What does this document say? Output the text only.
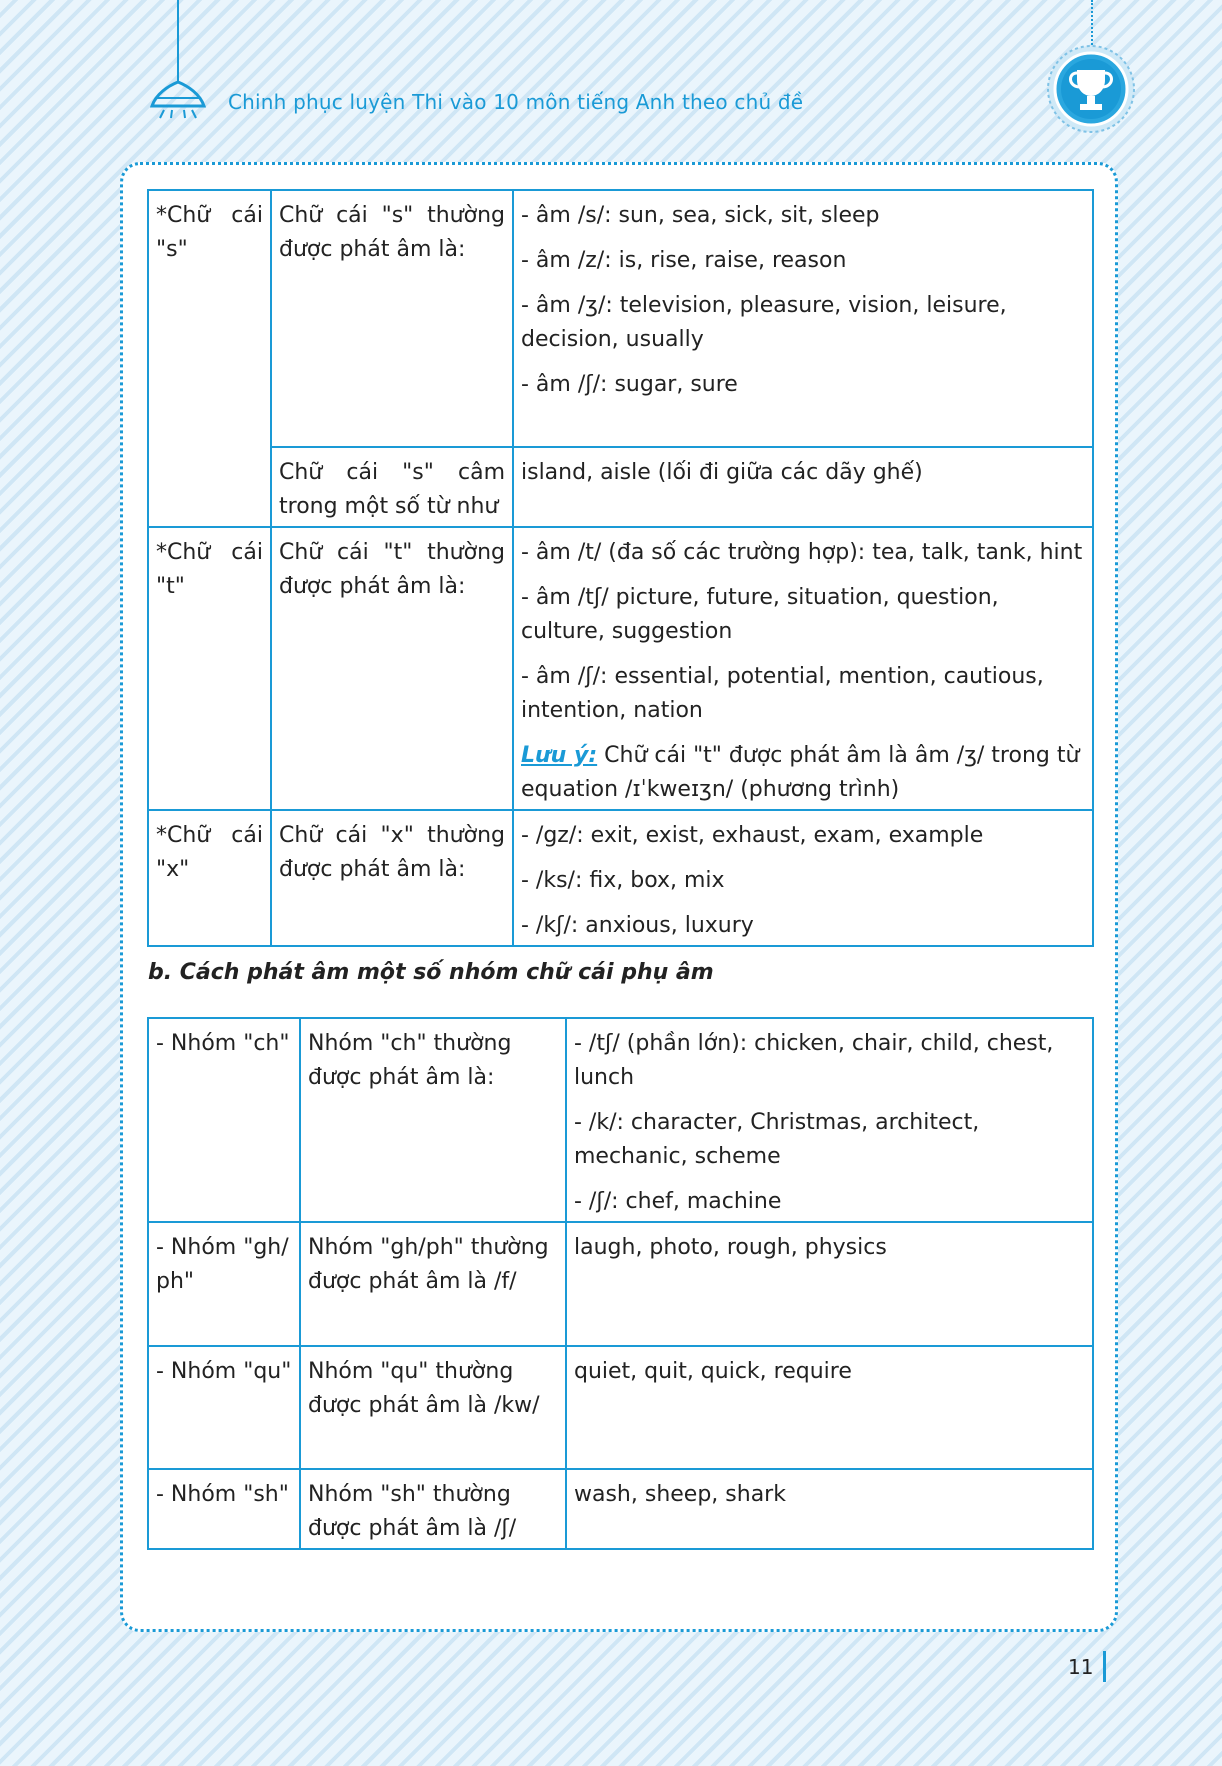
Chinh phục luyện Thi vào 10 môn tiếng Anh theo chủ đề
*Chữ cái "s"	Chữ cái "s" thường được phát âm là:	- âm /s/: sun, sea, sick, sit, sleep
- âm /z/: is, rise, raise, reason
- âm /ʒ/: television, pleasure, vision, leisure, decision, usually
- âm /ʃ/: sugar, sure

	Chữ cái "s" câm trong một số từ như	island, aisle (lối đi giữa các dãy ghế)

*Chữ cái "t"	Chữ cái "t" thường được phát âm là:	- âm /t/ (đa số các trường hợp): tea, talk, tank, hint
- âm /tʃ/ picture, future, situation, question, culture, suggestion
- âm /ʃ/: essential, potential, mention, cautious, intention, nation
Lưu ý: Chữ cái "t" được phát âm là âm /ʒ/ trong từ equation /ɪˈkweɪʒn/ (phương trình)

*Chữ cái "x"	Chữ cái "x" thường được phát âm là:	- /gz/: exit, exist, exhaust, exam, example
- /ks/: fix, box, mix
- /kʃ/: anxious, luxury
b. Cách phát âm một số nhóm chữ cái phụ âm
- Nhóm "ch"	Nhóm "ch" thường được phát âm là:	- /tʃ/ (phần lớn): chicken, chair, child, chest, lunch
- /k/: character, Christmas, architect, mechanic, scheme
- /ʃ/: chef, machine

- Nhóm "gh/ ph"	Nhóm "gh/ph" thường được phát âm là /f/	laugh, photo, rough, physics

- Nhóm "qu"	Nhóm "qu" thường được phát âm là /kw/	quiet, quit, quick, require

- Nhóm "sh"	Nhóm "sh" thường được phát âm là /ʃ/	wash, sheep, shark
11
